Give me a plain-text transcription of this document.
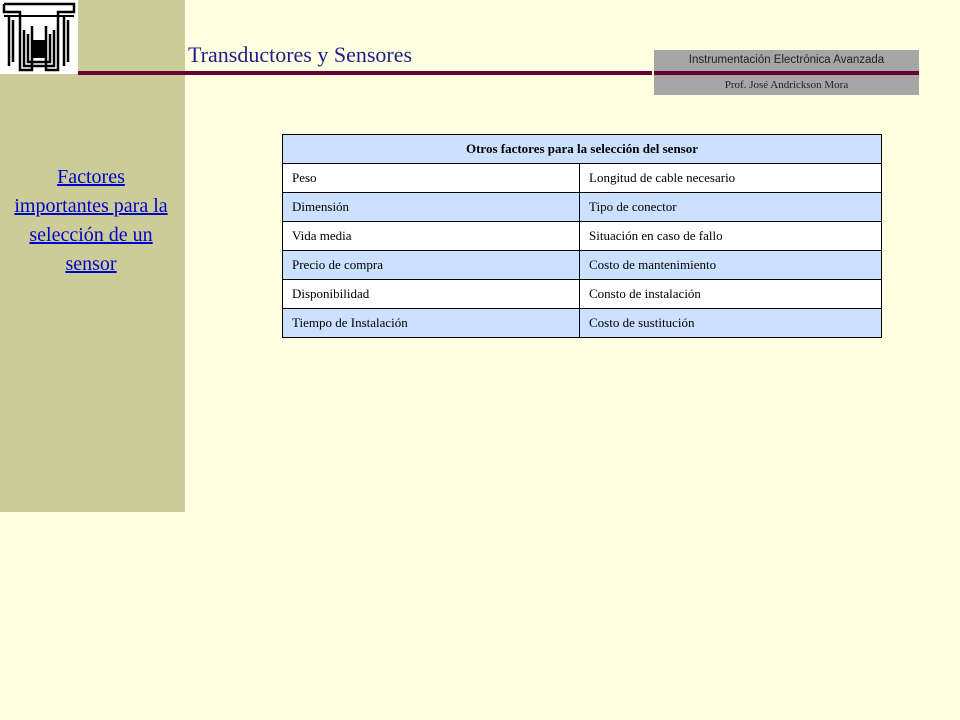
Factores importantes para la selección de un sensor
Transductores y Sensores	Instrumentación Electrónica Avanzada
Prof. José Andrickson Mora
Otros factores para la selección del sensor	
Peso	Longitud de cable necesario
Dimensión	Tipo de conector
Vida media	Situación en caso de fallo
Precio de compra	Costo de mantenimiento
Disponibilidad	Consto de instalación
Tiempo de Instalación	Costo de sustitución
